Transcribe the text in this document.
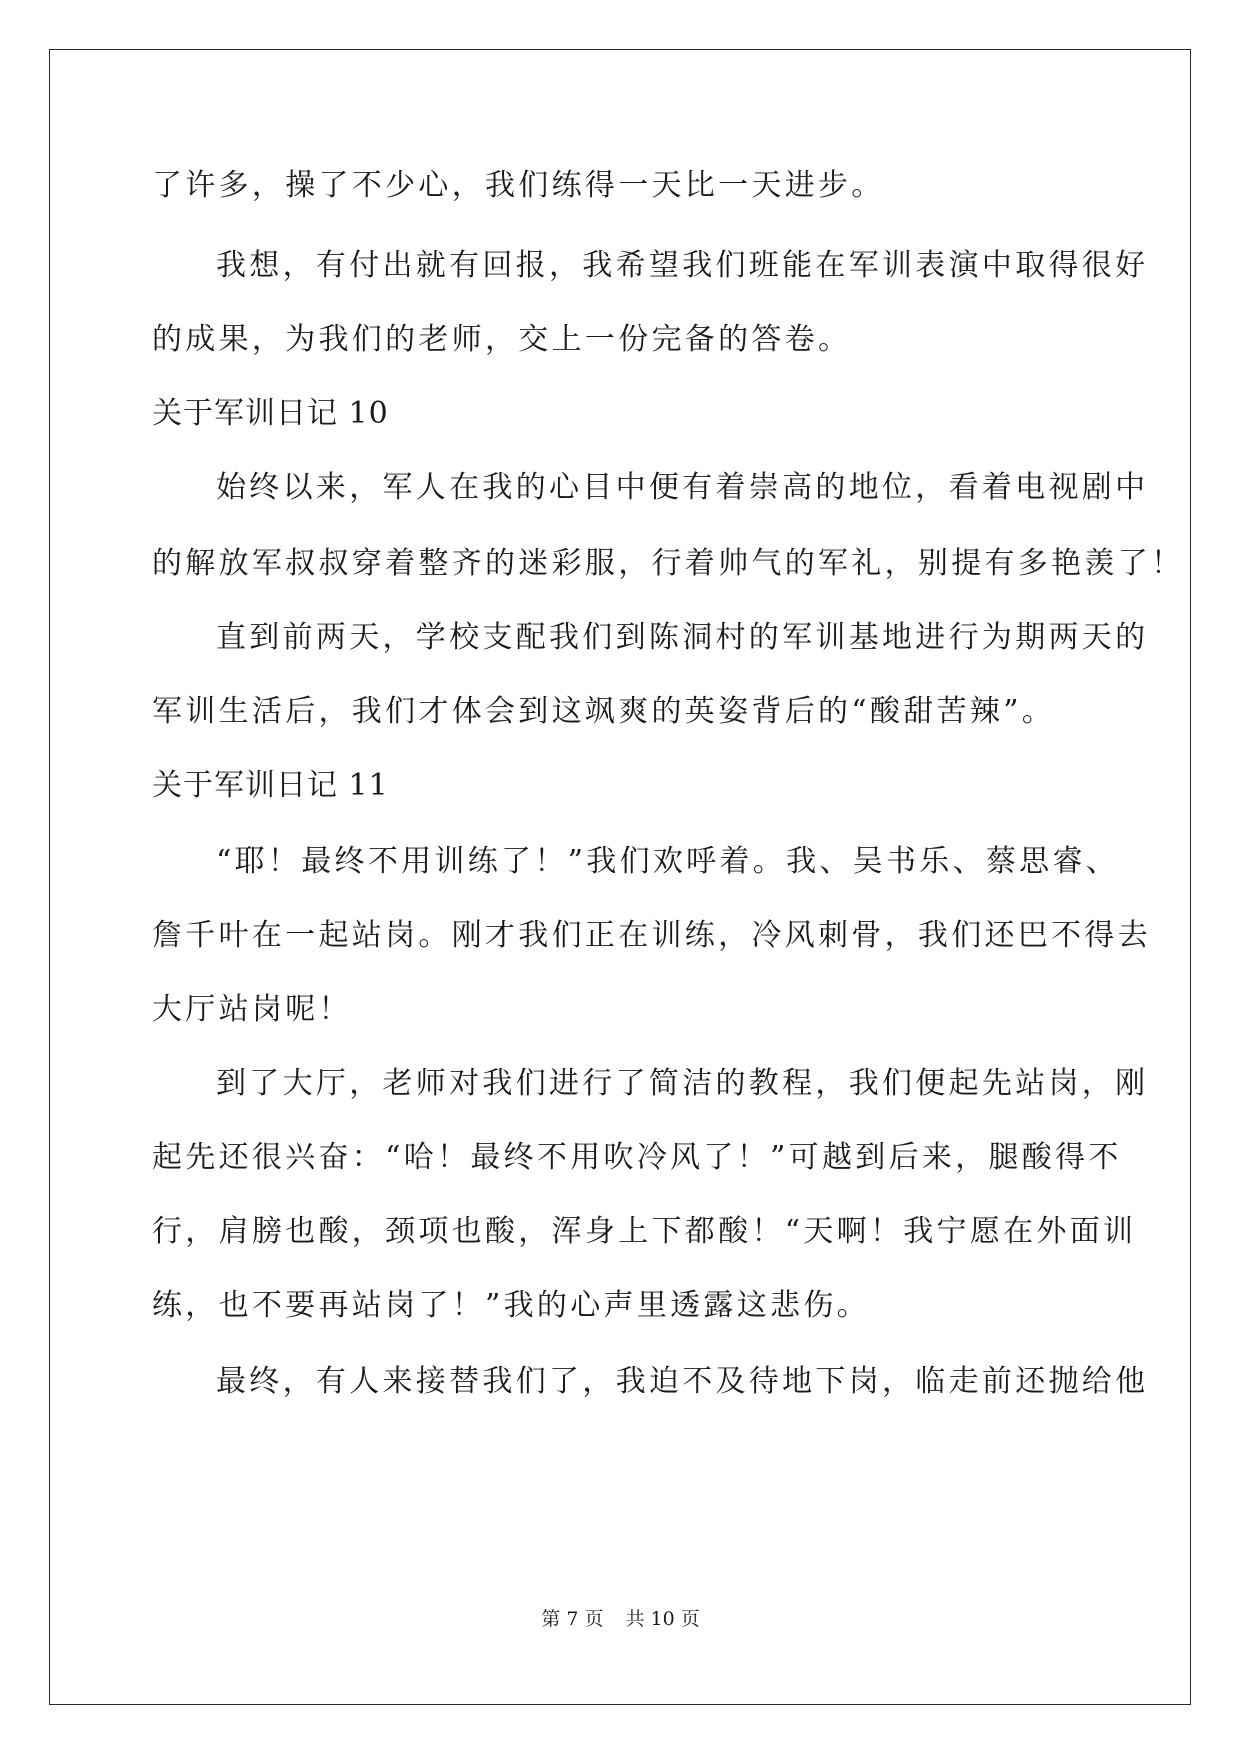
了许多，操了不少心，我们练得一天比一天进步。

我想，有付出就有回报，我希望我们班能在军训表演中取得很好

的成果，为我们的老师，交上一份完备的答卷。

关于军训日记 10

始终以来，军人在我的心目中便有着崇高的地位，看着电视剧中

的解放军叔叔穿着整齐的迷彩服，行着帅气的军礼，别提有多艳羡了！

直到前两天，学校支配我们到陈洞村的军训基地进行为期两天的

军训生活后，我们才体会到这飒爽的英姿背后的“酸甜苦辣”。

关于军训日记 11

“耶！最终不用训练了！”我们欢呼着。我、吴书乐、蔡思睿、

詹千叶在一起站岗。刚才我们正在训练，冷风刺骨，我们还巴不得去

大厅站岗呢！

到了大厅，老师对我们进行了简洁的教程，我们便起先站岗，刚

起先还很兴奋：“哈！最终不用吹冷风了！”可越到后来，腿酸得不

行，肩膀也酸，颈项也酸，浑身上下都酸！“天啊！我宁愿在外面训

练，也不要再站岗了！”我的心声里透露这悲伤。

最终，有人来接替我们了，我迫不及待地下岗，临走前还抛给他

第 7 页 共 10 页
